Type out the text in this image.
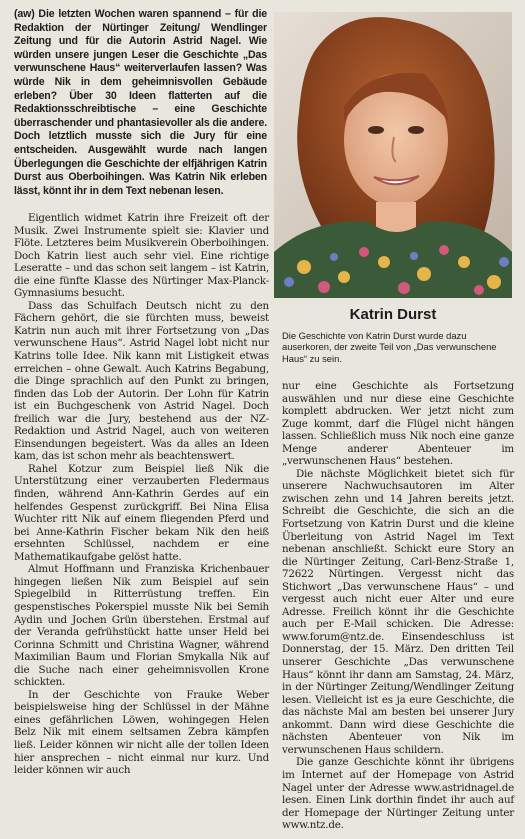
(aw) Die letzten Wochen waren spannend – für die Redaktion der Nürtinger Zeitung/ Wendlinger Zeitung und für die Autorin Astrid Nagel. Wie würden unsere jungen Leser die Geschichte „Das verwunschene Haus“ weiterverlaufen lassen? Was würde Nik in dem geheimnisvollen Gebäude erleben? Über 30 Ideen flatterten auf die Redaktionsschreibtische – eine Geschichte überraschender und phantasievoller als die andere. Doch letztlich musste sich die Jury für eine entscheiden. Ausgewählt wurde nach langen Überlegungen die Geschichte der elfjährigen Katrin Durst aus Oberboihingen. Was Katrin Nik erleben lässt, könnt ihr in dem Text nebenan lesen.

Katrin Durst

Die Geschichte von Katrin Durst wurde dazu auserkoren, der zweite Teil von „Das verwunschene Haus“ zu sein.

Eigentlich widmet Katrin ihre Freizeit oft der Musik. Zwei Instrumente spielt sie: Klavier und Flöte. Letzteres beim Musikverein Oberboihingen. Doch Katrin liest auch sehr viel. Eine richtige Leseratte – und das schon seit langem – ist Katrin, die eine fünfte Klasse des Nürtinger Max-Planck-Gymnasiums besucht.

Dass das Schulfach Deutsch nicht zu den Fächern gehört, die sie fürchten muss, beweist Katrin nun auch mit ihrer Fortsetzung von „Das verwunschene Haus“. Astrid Nagel lobt nicht nur Katrins tolle Idee. Nik kann mit Listigkeit etwas erreichen – ohne Gewalt. Auch Katrins Begabung, die Dinge sprachlich auf den Punkt zu bringen, finden das Lob der Autorin. Der Lohn für Katrin ist ein Buchgeschenk von Astrid Nagel. Doch freilich war die Jury, bestehend aus der NZ-Redaktion und Astrid Nagel, auch von weiteren Einsendungen begeistert. Was da alles an Ideen kam, das ist schon mehr als beachtenswert.

Rahel Kotzur zum Beispiel ließ Nik die Unterstützung einer verzauberten Fledermaus finden, während Ann-Kathrin Gerdes auf ein helfendes Gespenst zurückgriff. Bei Nina Elisa Wuchter ritt Nik auf einem fliegenden Pferd und bei Anne-Kathrin Fischer bekam Nik den heiß ersehnten Schlüssel, nachdem er eine Mathematikaufgabe gelöst hatte.

Almut Hoffmann und Franziska Krichenbauer hingegen ließen Nik zum Beispiel auf sein Spiegelbild in Ritterrüstung treffen. Ein gespenstisches Pokerspiel musste Nik bei Semih Aydin und Jochen Grün überstehen. Erstmal auf der Veranda gefrühstückt hatte unser Held bei Corinna Schmitt und Christina Wagner, während Maximilian Baum und Florian Smykalla Nik auf die Suche nach einer geheimnisvollen Krone schickten.

In der Geschichte von Frauke Weber beispielsweise hing der Schlüssel in der Mähne eines gefährlichen Löwen, wohingegen Helen Belz Nik mit einem seltsamen Zebra kämpfen ließ. Leider können wir nicht alle der tollen Ideen hier ansprechen – nicht einmal nur kurz. Und leider können wir auch

nur eine Geschichte als Fortsetzung auswählen und nur diese eine Geschichte komplett abdrucken. Wer jetzt nicht zum Zuge kommt, darf die Flügel nicht hängen lassen. Schließlich muss Nik noch eine ganze Menge anderer Abenteuer im „verwunschenen Haus“ bestehen.

Die nächste Möglichkeit bietet sich für unserere Nachwuchsautoren im Alter zwischen zehn und 14 Jahren bereits jetzt. Schreibt die Geschichte, die sich an die Fortsetzung von Katrin Durst und die kleine Überleitung von Astrid Nagel im Text nebenan anschließt. Schickt eure Story an die Nürtinger Zeitung, Carl-Benz-Straße 1, 72622 Nürtingen. Vergesst nicht das Stichwort „Das verwunschene Haus“ – und vergesst auch nicht euer Alter und eure Adresse. Freilich könnt ihr die Geschichte auch per E-Mail schicken. Die Adresse: www.forum@ntz.de. Einsendeschluss ist Donnerstag, der 15. März. Den dritten Teil unserer Geschichte „Das verwunschene Haus“ könnt ihr dann am Samstag, 24. März, in der Nürtinger Zeitung/Wendlinger Zeitung lesen. Vielleicht ist es ja eure Geschichte, die das nächste Mal am besten bei unserer Jury ankommt. Dann wird diese Geschichte die nächsten Abenteuer von Nik im verwunschenen Haus schildern.

Die ganze Geschichte könnt ihr übrigens im Internet auf der Homepage von Astrid Nagel unter der Adresse www.astridnagel.de lesen. Einen Link dorthin findet ihr auch auf der Homepage der Nürtinger Zeitung unter www.ntz.de.
